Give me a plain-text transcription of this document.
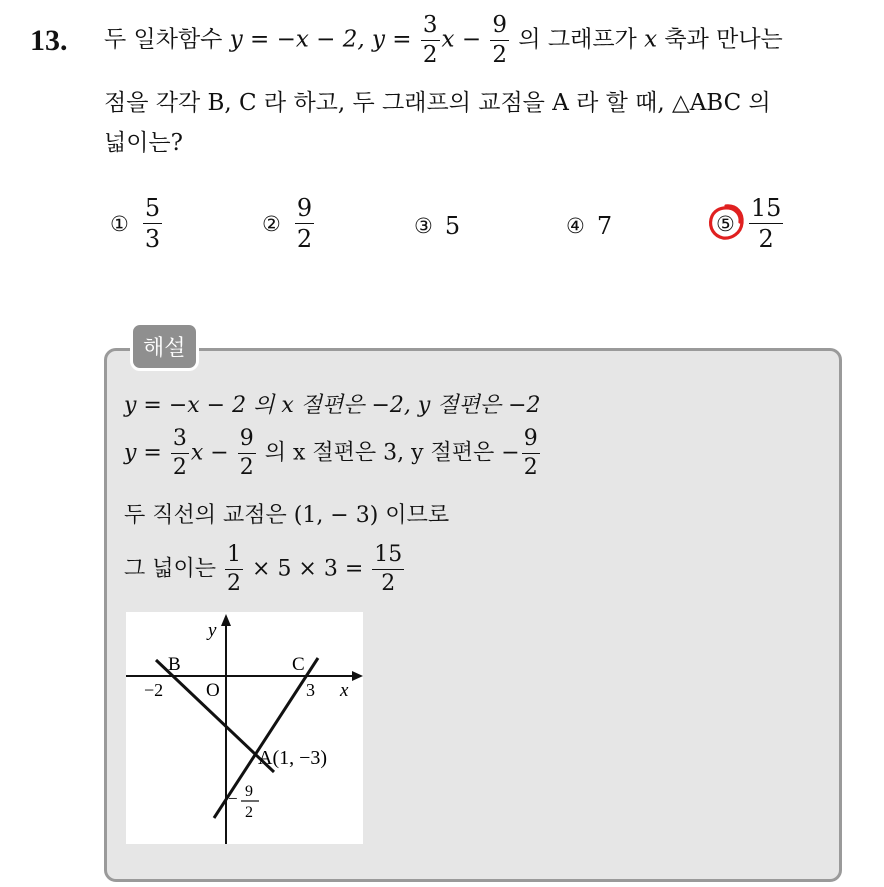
13. 두 일차함수 y = −x − 2, $y = \frac{3}{2}$ $x - \frac{9}{2}$ 의 그래프가 x 축과 만나는
점을 각각 B, C 라 하고, 두 그래프의 교점을 A 라 할 때, △ABC 의
넓이는?
① $\frac{5}{3}$	② $\frac{9}{2}$	③ 5	④ 7	⑤ $\frac{15}{2}$
해설
y = −x − 2 의 x 절편은 −2, y 절편은 −2
$y = \frac{3}{2}$ $x - \frac{9}{2}$ 의 x 절편은 3, y 절편은 − $\frac{9}{2}$
두 직선의 교점은 (1, − 3) 이므로
그 넓이는 $\frac{1}{2} \times 5 \times 3 = \frac{15}{2}$
y
x
O
B	C
−2	3
A(1, −3)
− 9
2
